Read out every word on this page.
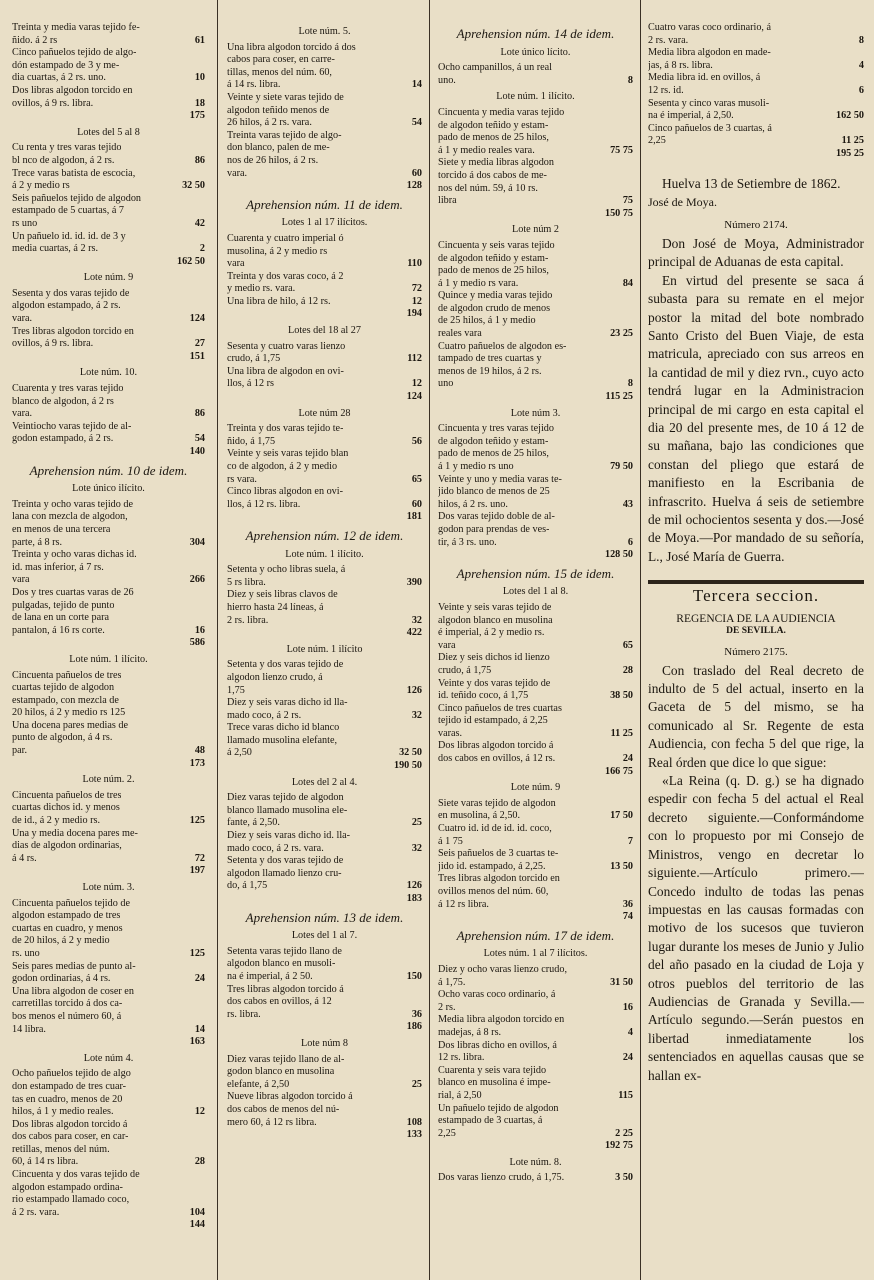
Treinta y media varas tejido fe-
ñido. á 2 rs	61
Cinco pañuelos tejido de algo-
dón estampado de 3 y me-
dia cuartas, á 2 rs. uno.	10
Dos libras algodon torcido en
ovillos, á 9 rs. libra.	18
175
Lotes del 5 al 8
Cu renta y tres varas tejido
bl nco de algodon, á 2 rs.	86
Trece varas batista de escocia,
á 2 y medio rs	32 50
Seis pañuelos tejido de algodon
estampado de 5 cuartas, á 7
rs uno	42
Un pañuelo id. id. id. de 3 y
media cuartas, á 2 rs.	2
162 50
Lote núm. 9
Sesenta y dos varas tejido de
algodon estampado, á 2 rs.
vara.	124
Tres libras algodon torcido en
ovillos, á 9 rs. libra.	27
151
Lote núm. 10.
Cuarenta y tres varas tejido
blanco de algodon, á 2 rs
vara.	86
Veintiocho varas tejido de al-
godon estampado, á 2 rs.	54
140
Aprehension núm. 10 de idem.
Lote único ilícito.
Treinta y ocho varas tejido de
lana con mezcla de algodon,
en menos de una tercera
parte, á 8 rs.	304
Treinta y ocho varas dichas id.
id. mas inferior, á 7 rs.
vara	266
Dos y tres cuartas varas de 26
pulgadas, tejido de punto
de lana en un corte para
pantalon, á 16 rs corte.	16
586
Lote núm. 1 ilícito.
Cincuenta pañuelos de tres
cuartas tejido de algodon
estampado, con mezcla de
20 hilos, á 2 y medio rs 125
Una docena pares medias de
punto de algodon, á 4 rs.
par.	48
173
Lote núm. 2.
Cincuenta pañuelos de tres
cuartas dichos id. y menos
de id., á 2 y medio rs.	125
Una y media docena pares me-
dias de algodon ordinarias,
á 4 rs.	72
197
Lote núm. 3.
Cincuenta pañuelos tejido de
algodon estampado de tres
cuartas en cuadro, y menos
de 20 hilos, á 2 y medio
rs. uno	125
Seis pares medias de punto al-
godon ordinarias, á 4 rs.	24
Una libra algodon de coser en
carretillas torcido á dos ca-
bos menos el número 60, á
14 libra.	14
163
Lote núm 4.
Ocho pañuelos tejido de algo
don estampado de tres cuar-
tas en cuadro, menos de 20
hilos, á 1 y medio reales.	12
Dos libras algodon torcido á
dos cabos para coser, en car-
retillas, menos del núm.
60, á 14 rs libra.	28
Cincuenta y dos varas tejido de
algodon estampado ordina-
rio estampado llamado coco,
á 2 rs. vara.	104
144
Lote núm. 5.
Una libra algodon torcido á dos
cabos para coser, en carre-
tillas, menos del núm. 60,
á 14 rs. libra.	14
Veinte y siete varas tejido de
algodon teñido menos de
26 hilos, á 2 rs. vara.	54
Treinta varas tejido de algo-
don blanco, palen de me-
nos de 26 hilos, á 2 rs.
vara.	60
128
Aprehension núm. 11 de idem.
Lotes 1 al 17 ilícitos.
Cuarenta y cuatro imperial ó
musolina, á 2 y medio rs
vara	110
Treinta y dos varas coco, á 2
y medio rs. vara.	72
Una libra de hilo, á 12 rs.	12
194
Lotes del 18 al 27
Sesenta y cuatro varas lienzo
crudo, á 1,75	112
Una libra de algodon en ovi-
llos, á 12 rs	12
124
Lote núm 28
Treinta y dos varas tejido te-
ñido, á 1,75	56
Veinte y seis varas tejido blan
co de algodon, á 2 y medio
rs vara.	65
Cinco libras algodon en ovi-
llos, á 12 rs. libra.	60
181
Aprehension núm. 12 de idem.
Lote núm. 1 ilícito.
Setenta y ocho libras suela, á
5 rs libra.	390
Diez y seis libras clavos de
hierro hasta 24 líneas, á
2 rs. libra.	32
422
Lote núm. 1 ilícito
Setenta y dos varas tejido de
algodon lienzo crudo, á
1,75	126
Diez y seis varas dicho id lla-
mado coco, á 2 rs.	32
Trece varas dicho id blanco
llamado musolina elefante,
á 2,50	32 50
190 50
Lotes del 2 al 4.
Diez varas tejido de algodon
blanco llamado musolina ele-
fante, á 2,50.	25
Diez y seis varas dicho id. lla-
mado coco, á 2 rs. vara.	32
Setenta y dos varas tejido de
algodon llamado lienzo cru-
do, á 1,75	126
183
Aprehension núm. 13 de idem.
Lotes del 1 al 7.
Setenta varas tejido llano de
algodon blanco en musoli-
na é imperial, á 2 50.	150
Tres libras algodon torcido á
dos cabos en ovillos, á 12
rs. libra.	36
186
Lote núm 8
Diez varas tejido llano de al-
godon blanco en musolina
elefante, á 2,50	25
Nueve libras algodon torcido á
dos cabos de menos del nú-
mero 60, á 12 rs libra.	108
133
Aprehension núm. 14 de idem.
Lote único lícito.
Ocho campanillos, á un real
uno.	8
Lote núm. 1 ilícito.
Cincuenta y media varas tejido
de algodon teñido y estam-
pado de menos de 25 hilos,
á 1 y medio reales vara.	75 75
Siete y media libras algodon
torcido á dos cabos de me-
nos del núm. 59, á 10 rs.
libra	75
150 75
Lote núm 2
Cincuenta y seis varas tejido
de algodon teñido y estam-
pado de menos de 25 hilos,
á 1 y medio rs vara.	84
Quince y media varas tejido
de algodon crudo de menos
de 25 hilos, á 1 y medio
reales vara	23 25
Cuatro pañuelos de algodon es-
tampado de tres cuartas y
menos de 19 hilos, á 2 rs.
uno	8
115 25
Lote núm 3.
Cincuenta y tres varas tejido
de algodon teñido y estam-
pado de menos de 25 hilos,
á 1 y medio rs uno	79 50
Veinte y uno y media varas te-
jido blanco de menos de 25
hilos, á 2 rs. uno.	43
Dos varas tejido doble de al-
godon para prendas de ves-
tir, á 3 rs. uno.	6
128 50
Aprehension núm. 15 de idem.
Lotes del 1 al 8.
Veinte y seis varas tejido de
algodon blanco en musolina
é imperial, á 2 y medio rs.
vara	65
Diez y seis dichos id lienzo
crudo, á 1,75	28
Veinte y dos varas tejido de
id. teñido coco, á 1,75	38 50
Cinco pañuelos de tres cuartas
tejido id estampado, á 2,25
varas.	11 25
Dos libras algodon torcido á
dos cabos en ovillos, á 12 rs.	24
166 75
Lote núm. 9
Siete varas tejido de algodon
en musolina, á 2,50.	17 50
Cuatro id. id de id. id. coco,
á 1 75	7
Seis pañuelos de 3 cuartas te-
jido id. estampado, á 2,25.	13 50
Tres libras algodon torcido en
ovillos menos del núm. 60,
á 12 rs libra.	36
74
Aprehension núm. 17 de idem.
Lotes núm. 1 al 7 ilícitos.
Diez y ocho varas lienzo crudo,
á 1,75.	31 50
Ocho varas coco ordinario, á
2 rs.	16
Media libra algodon torcido en
madejas, á 8 rs.	4
Dos libras dicho en ovillos, á
12 rs. libra.	24
Cuarenta y seis vara tejido
blanco en musolina é impe-
rial, á 2,50	115
Un pañuelo tejido de algodon
estampado de 3 cuartas, á
2,25	2 25
192 75
Lote núm. 8.
Dos varas lienzo crudo, á 1,75.	3 50
Cuatro varas coco ordinario, á
2 rs. vara.	8
Media libra algodon en made-
jas, á 8 rs. libra.	4
Media libra id. en ovillos, á
12 rs. id.	6
Sesenta y cinco varas musoli-
na é imperial, á 2,50.	162 50
Cinco pañuelos de 3 cuartas, á
2,25	11 25
195 25

Huelva 13 de Setiembre de 1862.

José de Moya.
Número 2174.

Don José de Moya, Administrador principal de Aduanas de esta capital.

En virtud del presente se saca á subasta para su remate en el mejor postor la mitad del bote nombrado Santo Cristo del Buen Viaje, de esta matricula, apreciado con sus arreos en la cantidad de mil y diez rvn., cuyo acto tendrá lugar en la Administracion principal de mi cargo en esta capital el dia 20 del presente mes, de 10 á 12 de su mañana, bajo las condiciones que constan del pliego que estará de manifiesto en la Escribania de infrascrito. Huelva á seis de setiembre de mil ochocientos sesenta y dos.—José de Moya.—Por mandado de su señoría, L., José María de Guerra.

Tercera seccion.
REGENCIA DE LA AUDIENCIA
DE SEVILLA.
Número 2175.

Con traslado del Real decreto de indulto de 5 del actual, inserto en la Gaceta de 5 del mismo, se ha comunicado al Sr. Regente de esta Audiencia, con fecha 5 del que rige, la Real órden que dice lo que sigue:

«La Reina (q. D. g.) se ha dignado espedir con fecha 5 del actual el Real decreto siguiente.—Conformándome con lo propuesto por mi Consejo de Ministros, vengo en decretar lo siguiente.—Artículo primero.—Concedo indulto de todas las penas impuestas en las causas formadas con motivo de los sucesos que tuvieron lugar durante los meses de Junio y Julio del año pasado en la ciudad de Loja y otros pueblos del territorio de las Audiencias de Granada y Sevilla.—Artículo segundo.—Serán puestos en libertad inmediatamente los sentenciados en aquellas causas que se hallan ex-
